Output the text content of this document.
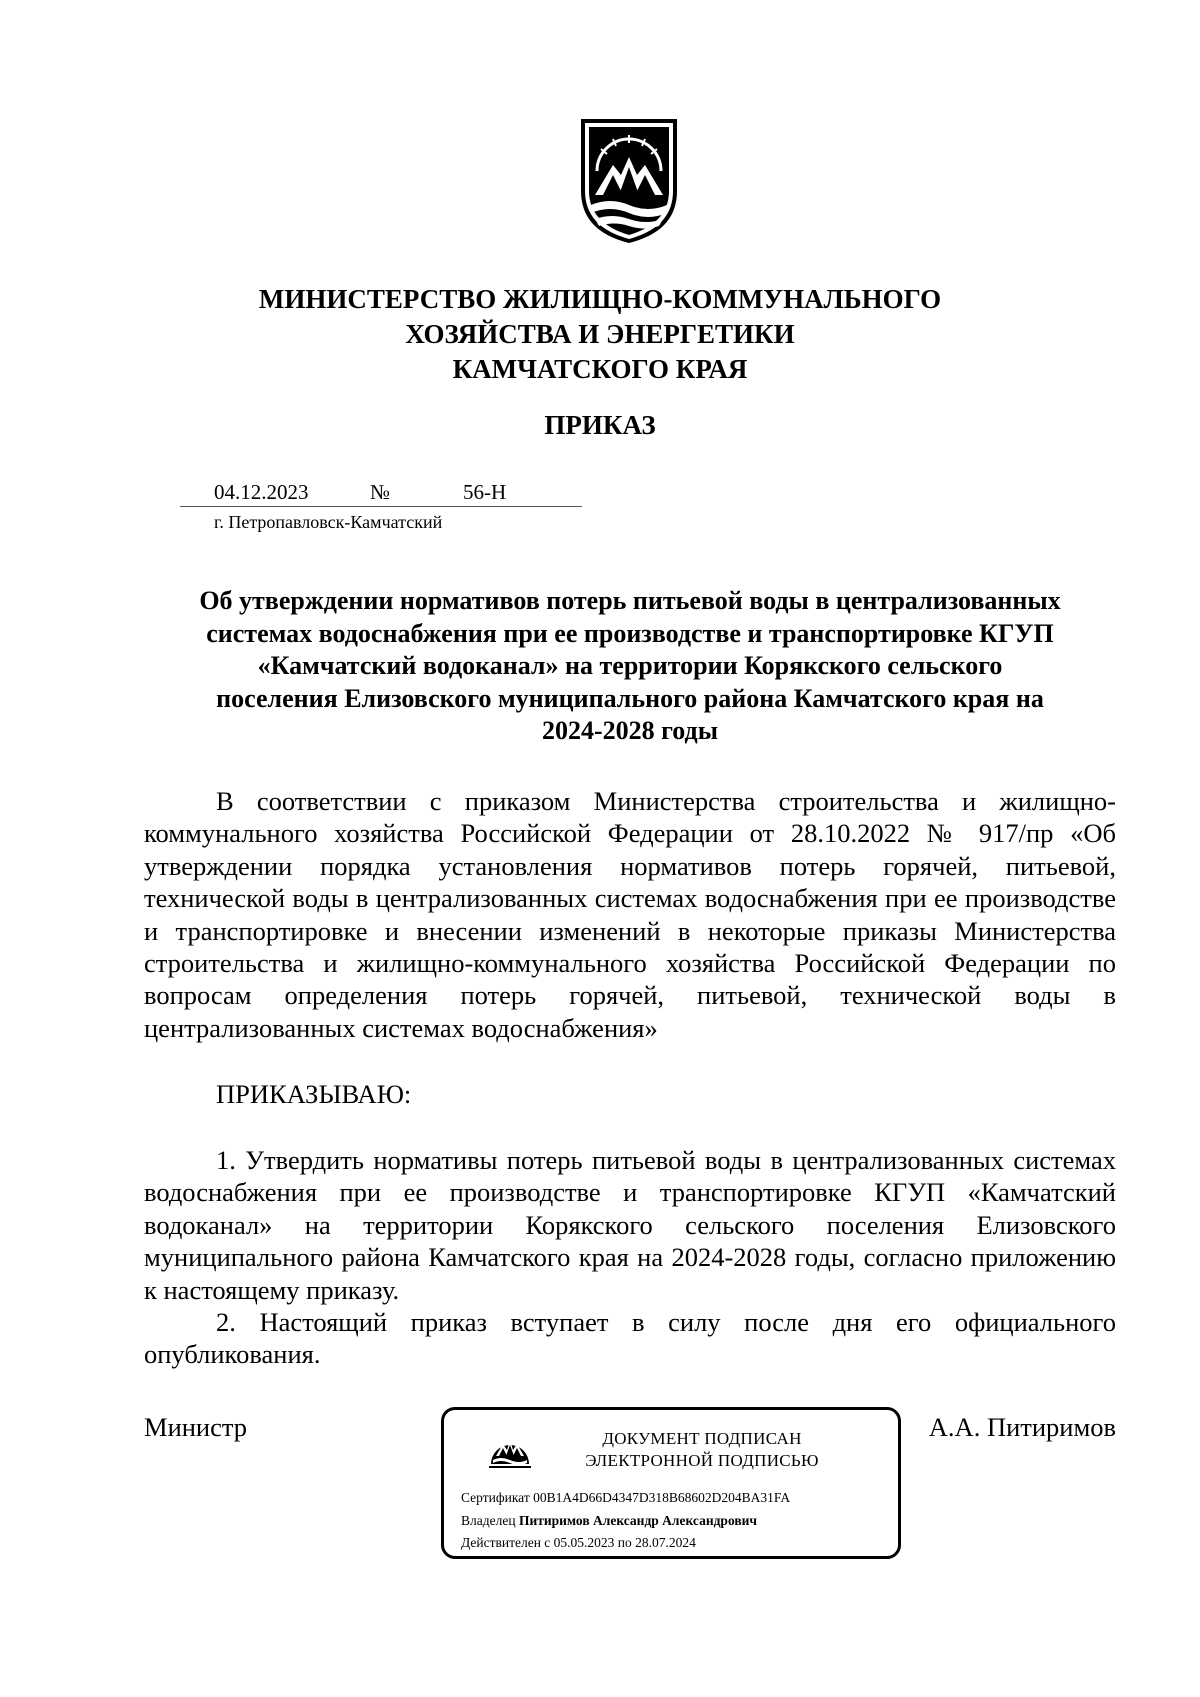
МИНИСТЕРСТВО ЖИЛИЩНО-КОММУНАЛЬНОГО
ХОЗЯЙСТВА И ЭНЕРГЕТИКИ
КАМЧАТСКОГО КРАЯ
ПРИКАЗ
04.12.2023	№	56-Н
г. Петропавловск-Камчатский
Об утверждении нормативов потерь питьевой воды в централизованных
системах водоснабжения при ее производстве и транспортировке КГУП
«Камчатский водоканал» на территории Корякского сельского
поселения Елизовского муниципального района Камчатского края на
2024-2028 годы

В соответствии с приказом Министерства строительства и жилищно-коммунального хозяйства Российской Федерации от 28.10.2022 № 917/пр «Об утверждении порядка установления нормативов потерь горячей, питьевой, технической воды в централизованных системах водоснабжения при ее производстве и транспортировке и внесении изменений в некоторые приказы Министерства строительства и жилищно-коммунального хозяйства Российской Федерации по вопросам определения потерь горячей, питьевой, технической воды в централизованных системах водоснабжения»

ПРИКАЗЫВАЮ:

1. Утвердить нормативы потерь питьевой воды в централизованных системах водоснабжения при ее производстве и транспортировке КГУП «Камчатский водоканал» на территории Корякского сельского поселения Елизовского муниципального района Камчатского края на 2024-2028 годы, согласно приложению к настоящему приказу.

2. Настоящий приказ вступает в силу после дня его официального опубликования.

Министр	А.А. Питиримов
ДОКУМЕНТ ПОДПИСАН
ЭЛЕКТРОННОЙ ПОДПИСЬЮ
Сертификат 00B1A4D66D4347D318B68602D204BA31FA
Владелец Питиримов Александр Александрович
Действителен с 05.05.2023 по 28.07.2024
